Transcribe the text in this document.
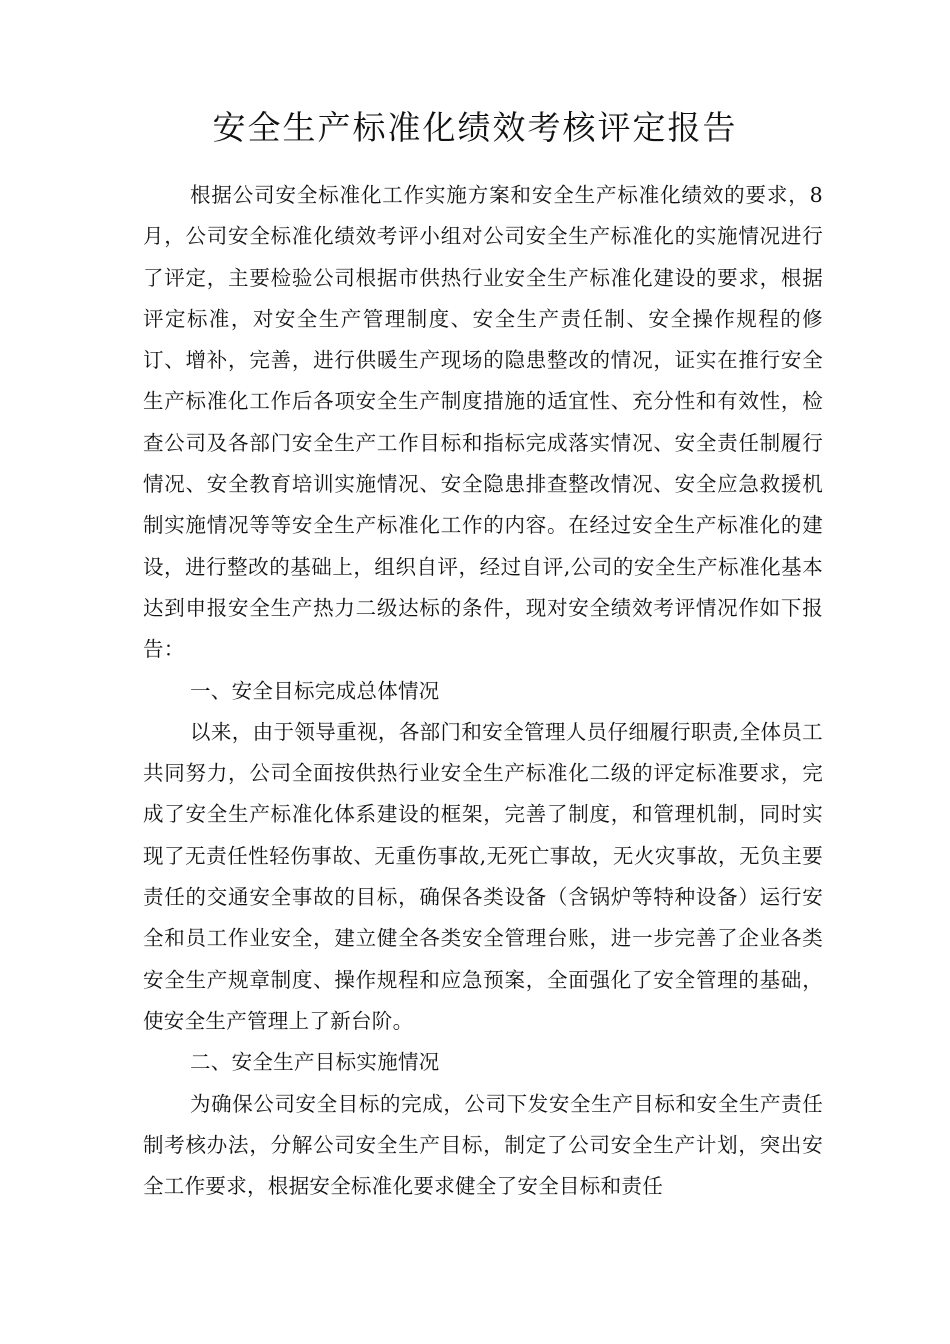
安全生产标准化绩效考核评定报告

根据公司安全标准化工作实施方案和安全生产标准化绩效的要求，8月，公司安全标准化绩效考评小组对公司安全生产标准化的实施情况进行了评定，主要检验公司根据市供热行业安全生产标准化建设的要求，根据评定标准，对安全生产管理制度、安全生产责任制、安全操作规程的修订、增补，完善，进行供暖生产现场的隐患整改的情况，证实在推行安全生产标准化工作后各项安全生产制度措施的适宜性、充分性和有效性，检查公司及各部门安全生产工作目标和指标完成落实情况、安全责任制履行情况、安全教育培训实施情况、安全隐患排查整改情况、安全应急救援机制实施情况等等安全生产标准化工作的内容。在经过安全生产标准化的建设，进行整改的基础上，组织自评，经过自评,公司的安全生产标准化基本达到申报安全生产热力二级达标的条件，现对安全绩效考评情况作如下报告：

一、安全目标完成总体情况

以来，由于领导重视，各部门和安全管理人员仔细履行职责,全体员工共同努力，公司全面按供热行业安全生产标准化二级的评定标准要求，完成了安全生产标准化体系建设的框架，完善了制度，和管理机制，同时实现了无责任性轻伤事故、无重伤事故,无死亡事故，无火灾事故，无负主要责任的交通安全事故的目标，确保各类设备（含锅炉等特种设备）运行安全和员工作业安全，建立健全各类安全管理台账，进一步完善了企业各类安全生产规章制度、操作规程和应急预案，全面强化了安全管理的基础，使安全生产管理上了新台阶。

二、安全生产目标实施情况

为确保公司安全目标的完成，公司下发安全生产目标和安全生产责任制考核办法，分解公司安全生产目标，制定了公司安全生产计划，突出安全工作要求，根据安全标准化要求健全了安全目标和责任
